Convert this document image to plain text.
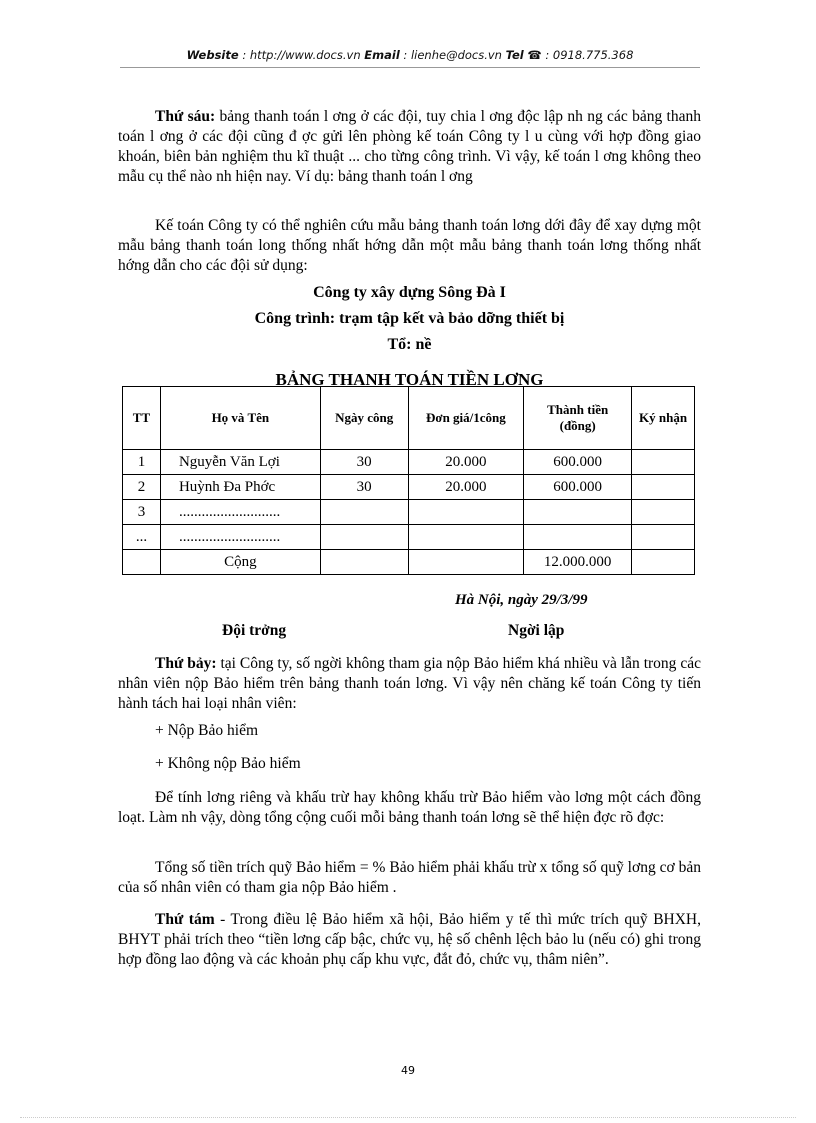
Website : http://www.docs.vn Email : lienhe@docs.vn Tel ☎ : 0918.775.368
Thứ sáu: bảng thanh toán l ơng ở các đội, tuy chia l ơng độc lập nh ng các bảng thanh toán l ơng ở các đội cũng đ ợc gửi lên phòng kế toán Công ty l u cùng với hợp đồng giao khoán, biên bản nghiệm thu kĩ thuật ... cho từng công trình. Vì vậy, kế toán l ơng không theo mẫu cụ thể nào nh hiện nay. Ví dụ: bảng thanh toán l ơng
Kế toán Công ty có thể nghiên cứu mẫu bảng thanh toán lơng dới đây để xay dựng một mẫu bảng thanh toán long thống nhất hớng dẫn một mẫu bảng thanh toán lơng thống nhất hớng dẫn cho các đội sử dụng:
Công ty xây dựng Sông Đà I
Công trình: trạm tập kết và bảo dỡng thiết bị
Tổ: nề
BẢNG THANH TOÁN TIỀN LƠNG
TT	Họ và Tên	Ngày công	Đơn giá/1công	Thành tiền (đồng)	Ký nhận
1	Nguyễn Văn Lợi	30	20.000	600.000	
2	Huỳnh Đa Phớc	30	20.000	600.000	
3	...........................				
...	...........................				
	Cộng			12.000.000	
Hà Nội, ngày 29/3/99
Đội trởng	Ngời lập
Thứ bảy: tại Công ty, số ngời không tham gia nộp Bảo hiểm khá nhiều và lẫn trong các nhân viên nộp Bảo hiểm trên bảng thanh toán lơng. Vì vậy nên chăng kế toán Công ty tiến hành tách hai loại nhân viên:
+ Nộp Bảo hiểm
+ Không nộp Bảo hiểm
Để tính lơng riêng và khấu trừ hay không khấu trừ Bảo hiểm vào lơng một cách đồng loạt. Làm nh vậy, dòng tổng cộng cuối mỗi bảng thanh toán lơng sẽ thể hiện đợc rõ đợc:
Tổng số tiền trích quỹ Bảo hiểm = % Bảo hiểm phải khấu trừ x tổng số quỹ lơng cơ bản của số nhân viên có tham gia nộp Bảo hiểm .
Thứ tám - Trong điều lệ Bảo hiểm xã hội, Bảo hiểm y tế thì mức trích quỹ BHXH, BHYT phải trích theo “tiền lơng cấp bậc, chức vụ, hệ số chênh lệch bảo lu (nếu có) ghi trong hợp đồng lao động và các khoản phụ cấp khu vực, đắt đỏ, chức vụ, thâm niên”.
49
